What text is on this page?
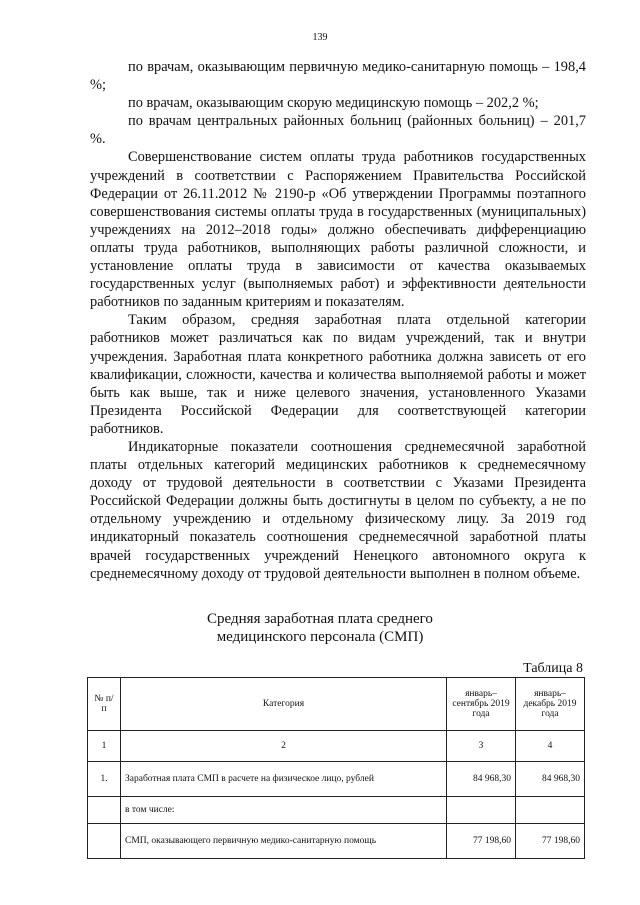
139

по врачам, оказывающим первичную медико-санитарную помощь – 198,4 %;

по врачам, оказывающим скорую медицинскую помощь – 202,2 %;

по врачам центральных районных больниц (районных больниц) – 201,7 %.

Совершенствование систем оплаты труда работников государственных учреждений в соответствии с Распоряжением Правительства Российской Федерации от 26.11.2012 № 2190-р «Об утверждении Программы поэтапного совершенствования системы оплаты труда в государственных (муниципальных) учреждениях на 2012–2018 годы» должно обеспечивать дифференциацию оплаты труда работников, выполняющих работы различной сложности, и установление оплаты труда в зависимости от качества оказываемых государственных услуг (выполняемых работ) и эффективности деятельности работников по заданным критериям и показателям.

Таким образом, средняя заработная плата отдельной категории работников может различаться как по видам учреждений, так и внутри учреждения. Заработная плата конкретного работника должна зависеть от его квалификации, сложности, качества и количества выполняемой работы и может быть как выше, так и ниже целевого значения, установленного Указами Президента Российской Федерации для соответствующей категории работников.

Индикаторные показатели соотношения среднемесячной заработной платы отдельных категорий медицинских работников к среднемесячному доходу от трудовой деятельности в соответствии с Указами Президента Российской Федерации должны быть достигнуты в целом по субъекту, а не по отдельному учреждению и отдельному физическому лицу. За 2019 год индикаторный показатель соотношения среднемесячной заработной платы врачей государственных учреждений Ненецкого автономного округа к среднемесячному доходу от трудовой деятельности выполнен в полном объеме.

Средняя заработная плата среднего
медицинского персонала (СМП)
Таблица 8
№ п/п	Категория	январь–сентябрь 2019 года	январь–декабрь 2019 года
1	2	3	4
1.	Заработная плата СМП в расчете на физическое лицо, рублей	84 968,30	84 968,30
	в том числе:		
	СМП, оказывающего первичную медико-санитарную помощь	77 198,60	77 198,60
